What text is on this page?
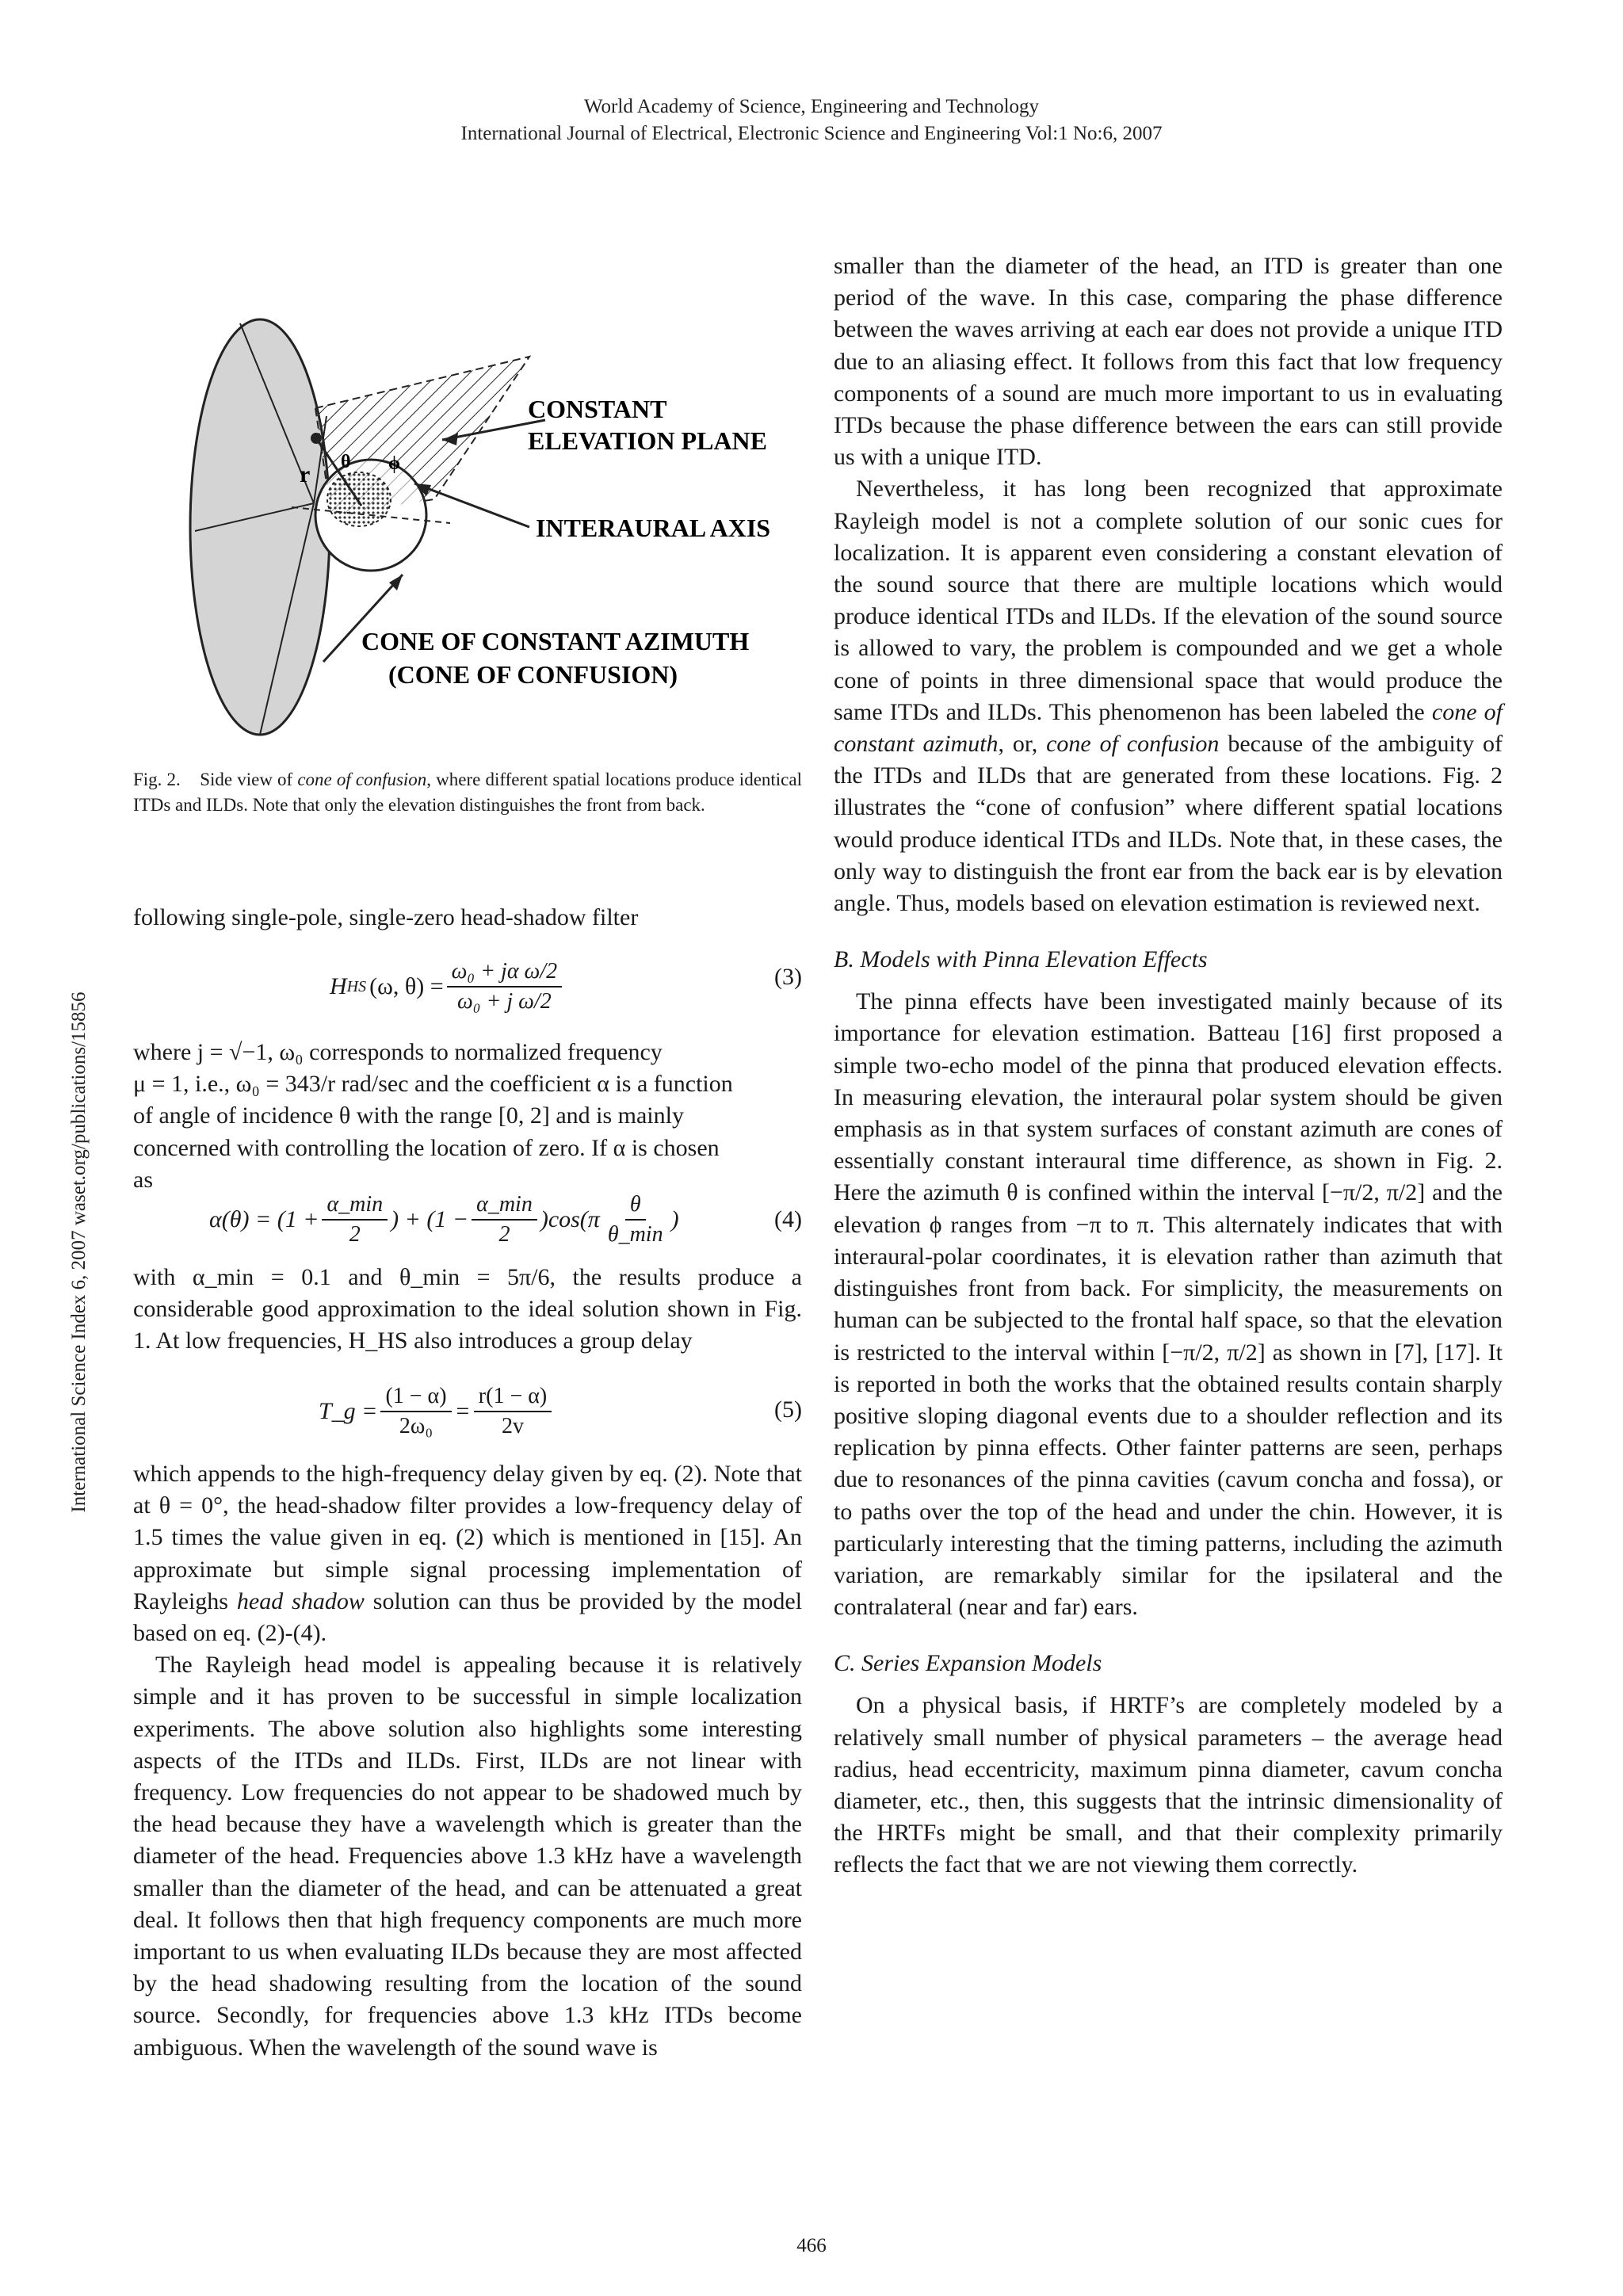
World Academy of Science, Engineering and Technology
International Journal of Electrical, Electronic Science and Engineering Vol:1 No:6, 2007
International Science Index 6, 2007 waset.org/publications/15856
r θ ϕ
CONSTANT
ELEVATION PLANE
INTERAURAL AXIS
CONE OF CONSTANT AZIMUTH
(CONE OF CONFUSION)
Fig. 2. Side view of cone of confusion, where different spatial locations produce identical ITDs and ILDs. Note that only the elevation distinguishes the front from back.

following single-pole, single-zero head-shadow filter

H HS (ω, $\theta) = \frac{\text{ω₀ + jα ω/2}}{\text{ω₀ + j ω/2}}$	(3)

where j = √−1, ω₀ corresponds to normalized frequency

μ = 1, i.e., ω₀ = 343/r rad/sec and the coefficient α is a function

of angle of incidence θ with the range [0, 2] and is mainly

concerned with controlling the location of zero. If α is chosen

as

$\alpha(\theta) = (1 + \frac{\alpha\_\min}{2}$ ) + $(1 - \frac{\alpha\_\min}{2} )\cos(\pi \frac{\theta}{\theta\_\min}$ )	(4)

with α_min = 0.1 and θ_min = 5π/6, the results produce a considerable good approximation to the ideal solution shown in Fig. 1. At low frequencies, H_HS also introduces a group delay

T_g = $\frac{(1 - \alpha)}{\text{2ω₀}} = \frac{r(1 - \alpha)}{2v}$	(5)

which appends to the high-frequency delay given by eq. (2). Note that at θ = 0°, the head-shadow filter provides a low-frequency delay of 1.5 times the value given in eq. (2) which is mentioned in [15]. An approximate but simple signal processing implementation of Rayleighs head shadow solution can thus be provided by the model based on eq. (2)-(4).

The Rayleigh head model is appealing because it is relatively simple and it has proven to be successful in simple localization experiments. The above solution also highlights some interesting aspects of the ITDs and ILDs. First, ILDs are not linear with frequency. Low frequencies do not appear to be shadowed much by the head because they have a wavelength which is greater than the diameter of the head. Frequencies above 1.3 kHz have a wavelength smaller than the diameter of the head, and can be attenuated a great deal. It follows then that high frequency components are much more important to us when evaluating ILDs because they are most affected by the head shadowing resulting from the location of the sound source. Secondly, for frequencies above 1.3 kHz ITDs become ambiguous. When the wavelength of the sound wave is

smaller than the diameter of the head, an ITD is greater than one period of the wave. In this case, comparing the phase difference between the waves arriving at each ear does not provide a unique ITD due to an aliasing effect. It follows from this fact that low frequency components of a sound are much more important to us in evaluating ITDs because the phase difference between the ears can still provide us with a unique ITD.

Nevertheless, it has long been recognized that approximate Rayleigh model is not a complete solution of our sonic cues for localization. It is apparent even considering a constant elevation of the sound source that there are multiple locations which would produce identical ITDs and ILDs. If the elevation of the sound source is allowed to vary, the problem is compounded and we get a whole cone of points in three dimensional space that would produce the same ITDs and ILDs. This phenomenon has been labeled the cone of constant azimuth, or, cone of confusion because of the ambiguity of the ITDs and ILDs that are generated from these locations. Fig. 2 illustrates the “cone of confusion” where different spatial locations would produce identical ITDs and ILDs. Note that, in these cases, the only way to distinguish the front ear from the back ear is by elevation angle. Thus, models based on elevation estimation is reviewed next.

B. Models with Pinna Elevation Effects

The pinna effects have been investigated mainly because of its importance for elevation estimation. Batteau [16] first proposed a simple two-echo model of the pinna that produced elevation effects. In measuring elevation, the interaural polar system should be given emphasis as in that system surfaces of constant azimuth are cones of essentially constant interaural time difference, as shown in Fig. 2. Here the azimuth θ is confined within the interval [−π/2, π/2] and the elevation ϕ ranges from −π to π. This alternately indicates that with interaural-polar coordinates, it is elevation rather than azimuth that distinguishes front from back. For simplicity, the measurements on human can be subjected to the frontal half space, so that the elevation is restricted to the interval within [−π/2, π/2] as shown in [7], [17]. It is reported in both the works that the obtained results contain sharply positive sloping diagonal events due to a shoulder reflection and its replication by pinna effects. Other fainter patterns are seen, perhaps due to resonances of the pinna cavities (cavum concha and fossa), or to paths over the top of the head and under the chin. However, it is particularly interesting that the timing patterns, including the azimuth variation, are remarkably similar for the ipsilateral and the contralateral (near and far) ears.

C. Series Expansion Models

On a physical basis, if HRTF’s are completely modeled by a relatively small number of physical parameters – the average head radius, head eccentricity, maximum pinna diameter, cavum concha diameter, etc., then, this suggests that the intrinsic dimensionality of the HRTFs might be small, and that their complexity primarily reflects the fact that we are not viewing them correctly.

466
